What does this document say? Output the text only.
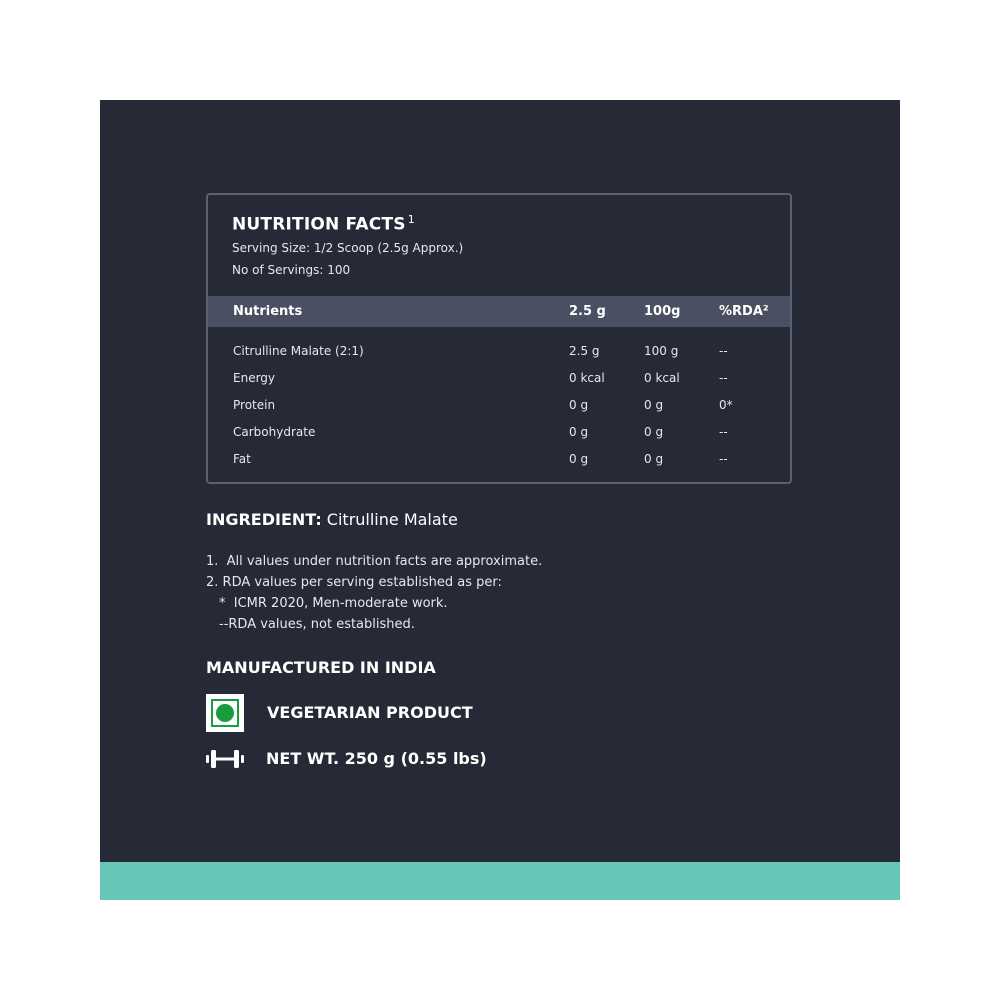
NUTRITION FACTS $^1$
Serving Size: 1/2 Scoop (2.5g Approx.)
No of Servings: 100
Nutrients	2.5 g	100g	%RDA²
Citrulline Malate (2:1)	2.5 g	100 g	--
Energy	0 kcal	0 kcal	--
Protein	0 g	0 g	0*
Carbohydrate	0 g	0 g	--
Fat	0 g	0 g	--
INGREDIENT: Citrulline Malate
1.  All values under nutrition facts are approximate.
2. RDA values per serving established as per:
*  ICMR 2020, Men-moderate work.
--RDA values, not established.
MANUFACTURED IN INDIA
VEGETARIAN PRODUCT
NET WT. 250 g (0.55 lbs)
